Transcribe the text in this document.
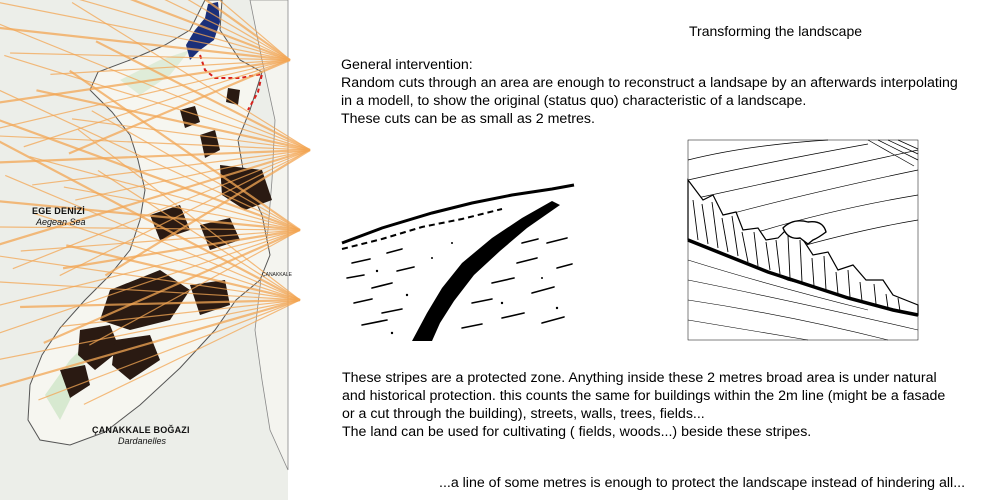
EGE DENİZİ
Aegean Sea
ÇANAKKALE BOĞAZI
Dardanelles
ÇANAKKALE
Transforming the landscape
General intervention:
Random cuts through an area are enough to reconstruct a landsape by an afterwards interpolating
in a modell, to show the original (status quo) characteristic of a landscape.
These cuts can be as small as 2 metres.
These stripes are a protected zone. Anything inside these 2 metres broad area is under natural
and historical protection. this counts the same for buildings within the 2m line (might be a fasade
or a cut through the building), streets, walls, trees, fields...
The land can be used for cultivating ( fields, woods...) beside these stripes.
...a line of some metres is enough to protect the landscape instead of hindering all...
